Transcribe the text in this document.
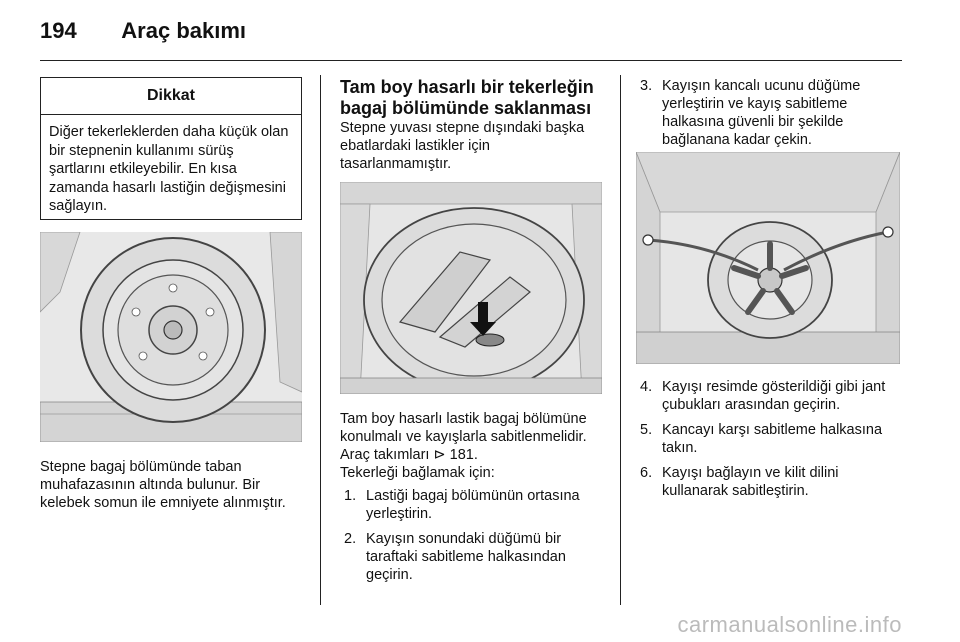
194 Araç bakımı
Dikkat
Diğer tekerleklerden daha küçük olan bir stepnenin kullanımı sürüş şartlarını etkileyebilir. En kısa zamanda hasarlı lastiğin değişmesini sağlayın.
Stepne bagaj bölümünde taban muhafazasının altında bulunur. Bir kelebek somun ile emniyete alınmıştır.
Tam boy hasarlı bir tekerleğin bagaj bölümünde saklanması

Stepne yuvası stepne dışındaki başka ebatlardaki lastikler için tasarlanmamıştır.

Tam boy hasarlı lastik bagaj bölümüne konulmalı ve kayışlarla sabitlenmelidir. Araç takımları ⊳ 181.

Tekerleği bağlamak için:

1. Lastiği bagaj bölümünün ortasına yerleştirin.
2. Kayışın sonundaki düğümü bir taraftaki sabitleme halkasından geçirin.
3. Kayışın kancalı ucunu düğüme yerleştirin ve kayış sabitleme halkasına güvenli bir şekilde bağlanana kadar çekin.
4. Kayışı resimde gösterildiği gibi jant çubukları arasından geçirin.
5. Kancayı karşı sabitleme halkasına takın.
6. Kayışı bağlayın ve kilit dilini kullanarak sabitleştirin.
carmanualsonline.info
